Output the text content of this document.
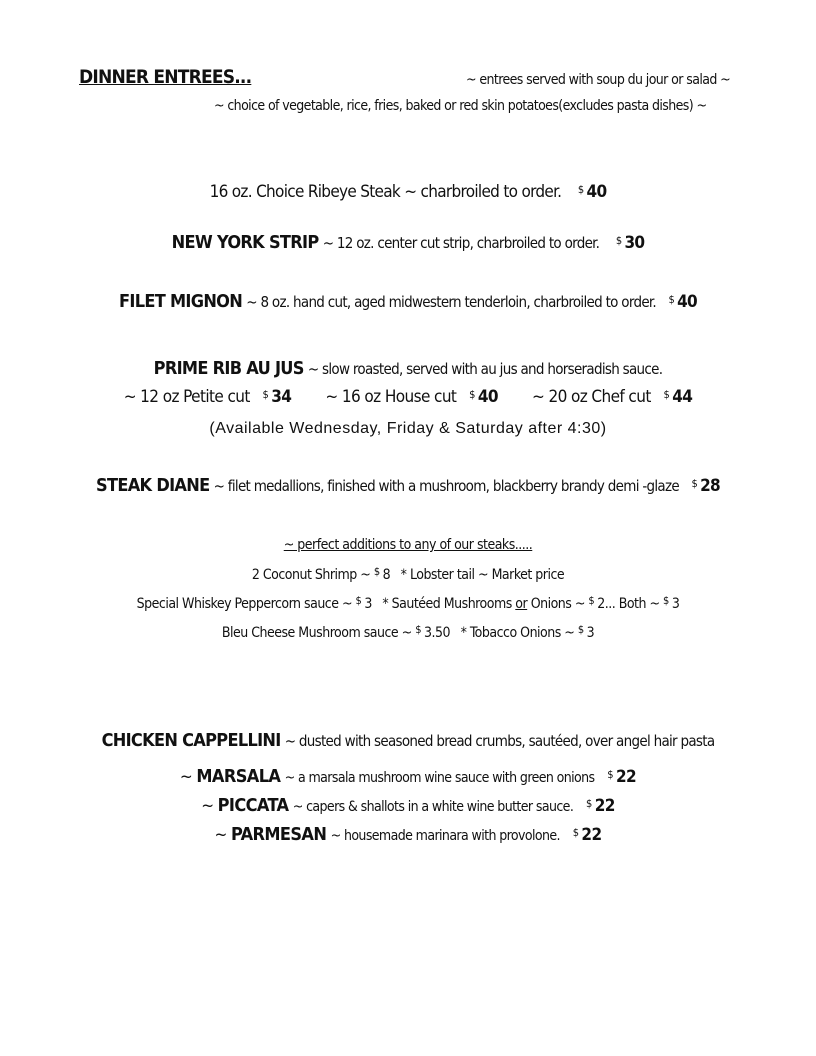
DINNER ENTREES...	~ entrees served with soup du jour or salad ~
~ choice of vegetable, rice, fries, baked or red skin potatoes(excludes pasta dishes) ~
16 oz. Choice Ribeye Steak ~ charbroiled to order. $ 40
NEW YORK STRIP ~ 12 oz. center cut strip, charbroiled to order. $ 30
FILET MIGNON ~ 8 oz. hand cut, aged midwestern tenderloin, charbroiled to order. $ 40
PRIME RIB AU JUS ~ slow roasted, served with au jus and horseradish sauce.
~ 12 oz Petite cut $ 34 ~ 16 oz House cut $ 40 ~ 20 oz Chef cut $ 44
(Available Wednesday, Friday & Saturday after 4:30)
STEAK DIANE ~ filet medallions, finished with a mushroom, blackberry brandy demi -glaze $ 28
~ perfect additions to any of our steaks.....
2 Coconut Shrimp ~ $ 8 * Lobster tail ~ Market price
Special Whiskey Peppercorn sauce ~ $ 3 * Sautéed Mushrooms or Onions ~ $ 2... Both ~ $ 3
Bleu Cheese Mushroom sauce ~ $ 3.50 * Tobacco Onions ~ $ 3
CHICKEN CAPPELLINI ~ dusted with seasoned bread crumbs, sautéed, over angel hair pasta
~ MARSALA ~ a marsala mushroom wine sauce with green onions $ 22
~ PICCATA ~ capers & shallots in a white wine butter sauce. $ 22
~ PARMESAN ~ housemade marinara with provolone. $ 22
